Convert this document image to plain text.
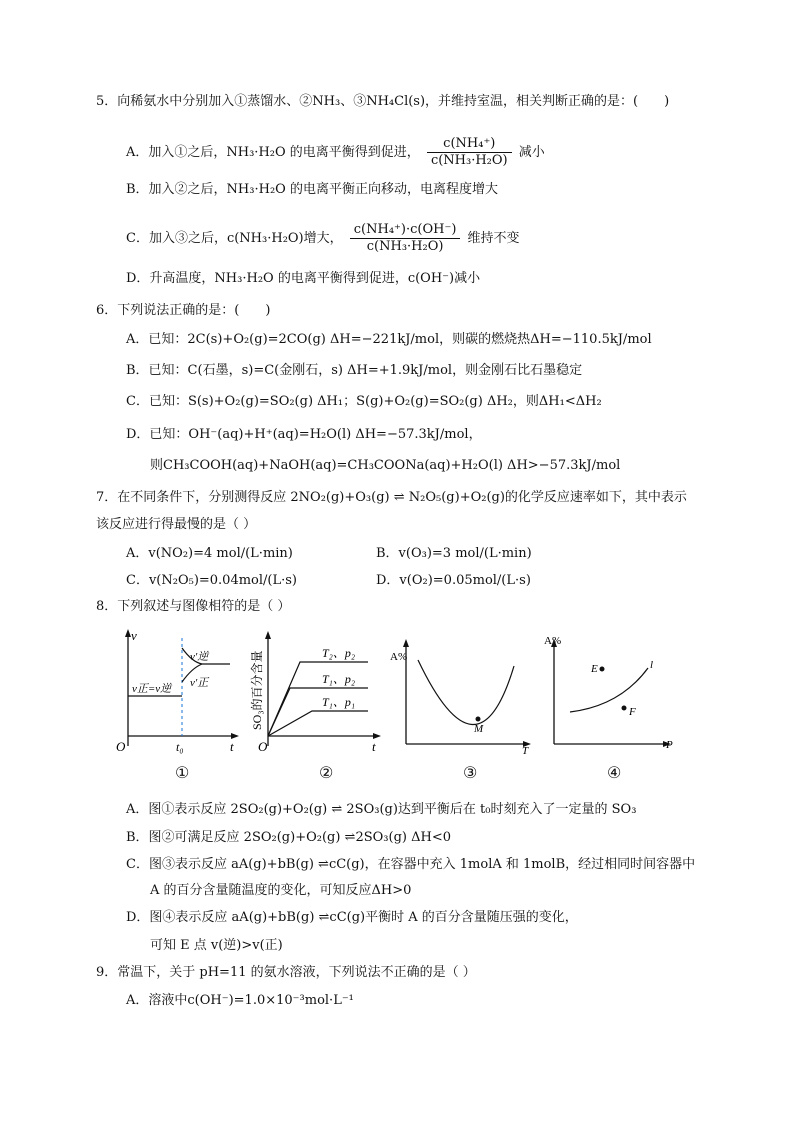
5．向稀氨水中分别加入①蒸馏水、②NH₃、③NH₄Cl(s)，并维持室温，相关判断正确的是：(　　)
A．加入①之后，NH₃·H₂O 的电离平衡得到促进， $\frac{\text{c(NH₄⁺)}}{\text{c(NH₃·H₂O)}}$ 减小
B．加入②之后，NH₃·H₂O 的电离平衡正向移动，电离程度增大
C．加入③之后，c(NH₃·H₂O)增大， $\frac{\text{c(NH₄⁺)·c(OH⁻)}}{\text{c(NH₃·H₂O)}}$ 维持不变
D．升高温度，NH₃·H₂O 的电离平衡得到促进，c(OH⁻)减小
6．下列说法正确的是：(　　)
A．已知：2C(s)+O₂(g)=2CO(g) ΔH=−221kJ/mol，则碳的燃烧热ΔH=−110.5kJ/mol
B．已知：C(石墨，s)=C(金刚石，s) ΔH=+1.9kJ/mol，则金刚石比石墨稳定
C．已知：S(s)+O₂(g)=SO₂(g) ΔH₁；S(g)+O₂(g)=SO₂(g) ΔH₂，则ΔH₁<ΔH₂
D．已知：OH⁻(aq)+H⁺(aq)=H₂O(l) ΔH=−57.3kJ/mol，
则CH₃COOH(aq)+NaOH(aq)=CH₃COONa(aq)+H₂O(l) ΔH>−57.3kJ/mol
7．在不同条件下，分别测得反应 2NO₂(g)+O₃(g) ⇌ N₂O₅(g)+O₂(g)的化学反应速率如下，其中表示
该反应进行得最慢的是（ ）
A．v(NO₂)=4 mol/(L·min)	B．v(O₃)=3 mol/(L·min)
C．v(N₂O₅)=0.04mol/(L·s)	D．v(O₂)=0.05mol/(L·s)
8．下列叙述与图像相符的是（ ）
v
t
O	t₀
v正=v逆
v′逆
v′正	SO₃的百分含量
t
O
T₂、p₂
T₁、p₂
T₁、p₁
A%
T
M
A%
P
E
F
l
①	②	③	④
A．图①表示反应 2SO₂(g)+O₂(g) ⇌ 2SO₃(g)达到平衡后在 t₀时刻充入了一定量的 SO₃
B．图②可满足反应 2SO₂(g)+O₂(g) ⇌2SO₃(g) ΔH<0
C．图③表示反应 aA(g)+bB(g) ⇌cC(g)，在容器中充入 1molA 和 1molB，经过相同时间容器中
A 的百分含量随温度的变化，可知反应ΔH>0
D．图④表示反应 aA(g)+bB(g) ⇌cC(g)平衡时 A 的百分含量随压强的变化，
可知 E 点 v(逆)>v(正)
9．常温下，关于 pH=11 的氨水溶液，下列说法不正确的是（ ）
A．溶液中c(OH⁻)=1.0×10⁻³mol·L⁻¹
